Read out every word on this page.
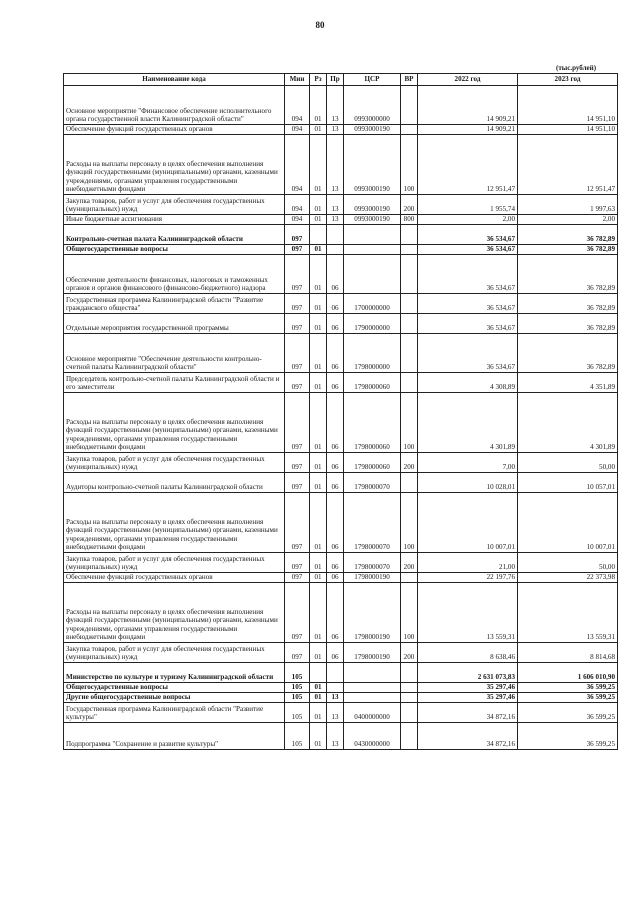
80
(тыс.рублей)
Наименование кода	Мин	Рз	Пр	ЦСР	ВР	2022 год	2023 год
Основное мероприятие "Финансовое обеспечение исполнительного органа государственной власти Калининградской области"	094	01	13	0993000000		14 909,21	14 951,10
Обеспечение функций государственных органов	094	01	13	0993000190		14 909,21	14 951,10
Расходы на выплаты персоналу в целях обеспечения выполнения функций государственными (муниципальными) органами, казенными учреждениями, органами управления государственными внебюджетными фондами	094	01	13	0993000190	100	12 951,47	12 951,47
Закупка товаров, работ и услуг для обеспечения государственных (муниципальных) нужд	094	01	13	0993000190	200	1 955,74	1 997,63
Иные бюджетные ассигнования	094	01	13	0993000190	800	2,00	2,00
Контрольно-счетная палата Калининградской области	097					36 534,67	36 782,89
Общегосударственные вопросы	097	01				36 534,67	36 782,89
Обеспечение деятельности финансовых, налоговых и таможенных органов и органов финансового (финансово-бюджетного) надзора	097	01	06			36 534,67	36 782,89
Государственная программа Калининградской области "Развитие гражданского общества"	097	01	06	1700000000		36 534,67	36 782,89
Отдельные мероприятия государственной программы	097	01	06	1790000000		36 534,67	36 782,89
Основное мероприятие "Обеспечение деятельности контрольно-счетной палаты Калининградской области"	097	01	06	1798000000		36 534,67	36 782,89
Председатель контрольно-счетной палаты Калининградской области и его заместители	097	01	06	1798000060		4 308,89	4 351,89
Расходы на выплаты персоналу в целях обеспечения выполнения функций государственными (муниципальными) органами, казенными учреждениями, органами управления государственными внебюджетными фондами	097	01	06	1798000060	100	4 301,89	4 301,89
Закупка товаров, работ и услуг для обеспечения государственных (муниципальных) нужд	097	01	06	1798000060	200	7,00	50,00
Аудиторы контрольно-счетной палаты Калининградской области	097	01	06	1798000070		10 028,01	10 057,01
Расходы на выплаты персоналу в целях обеспечения выполнения функций государственными (муниципальными) органами, казенными учреждениями, органами управления государственными внебюджетными фондами	097	01	06	1798000070	100	10 007,01	10 007,01
Закупка товаров, работ и услуг для обеспечения государственных (муниципальных) нужд	097	01	06	1798000070	200	21,00	50,00
Обеспечение функций государственных органов	097	01	06	1798000190		22 197,76	22 373,98
Расходы на выплаты персоналу в целях обеспечения выполнения функций государственными (муниципальными) органами, казенными учреждениями, органами управления государственными внебюджетными фондами	097	01	06	1798000190	100	13 559,31	13 559,31
Закупка товаров, работ и услуг для обеспечения государственных (муниципальных) нужд	097	01	06	1798000190	200	8 638,46	8 814,68
Министерство по культуре и туризму Калининградской области	105					2 631 073,83	1 606 010,90
Общегосударственные вопросы	105	01				35 297,46	36 599,25
Другие общегосударственные вопросы	105	01	13			35 297,46	36 599,25
Государственная программа Калининградской области "Развитие культуры"	105	01	13	0400000000		34 872,16	36 599,25
Подпрограмма "Сохранение и развитие культуры"	105	01	13	0430000000		34 872,16	36 599,25
